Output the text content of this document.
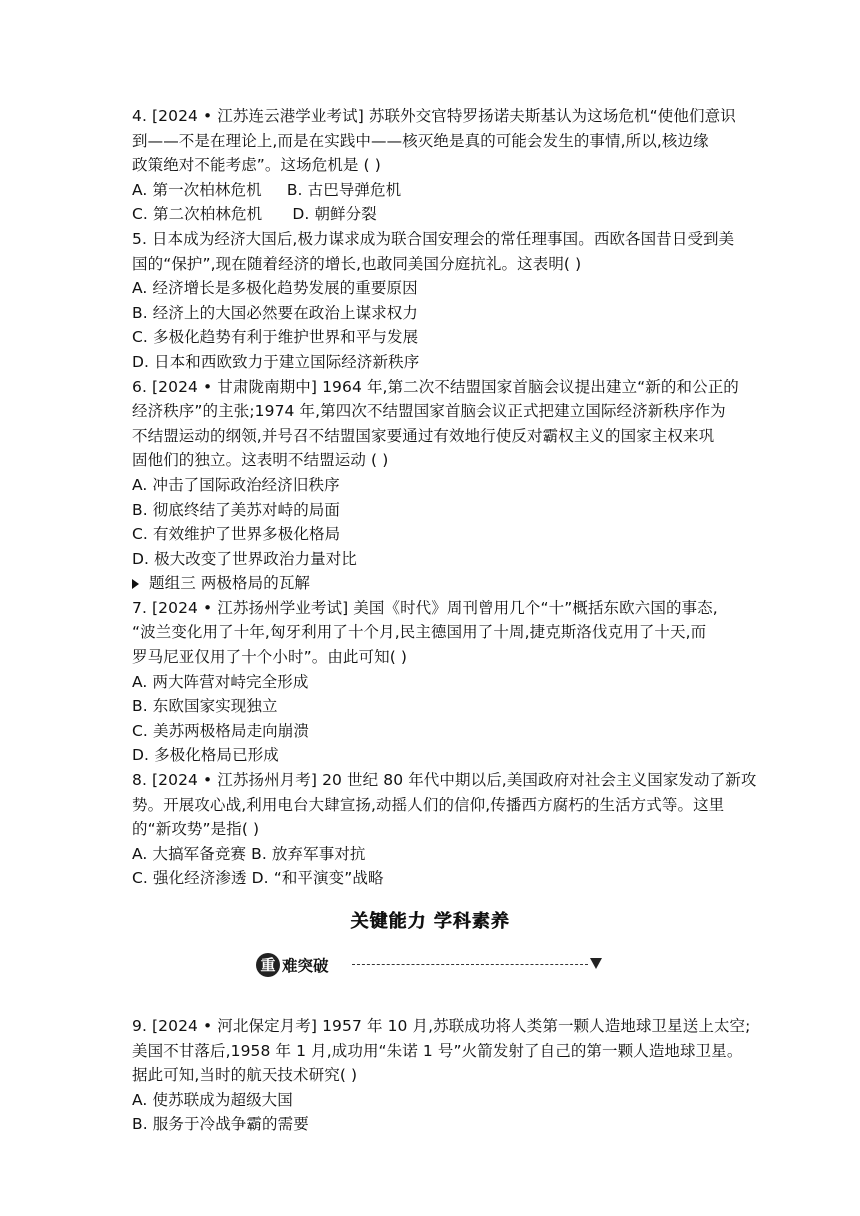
4. [2024 • 江苏连云港学业考试] 苏联外交官特罗扬诺夫斯基认为这场危机“使他们意识
到——不是在理论上,而是在实践中——核灭绝是真的可能会发生的事情,所以,核边缘
政策绝对不能考虑”。这场危机是 ( )
A. 第一次柏林危机 B. 古巴导弹危机
C. 第二次柏林危机 D. 朝鲜分裂
5. 日本成为经济大国后,极力谋求成为联合国安理会的常任理事国。西欧各国昔日受到美
国的“保护”,现在随着经济的增长,也敢同美国分庭抗礼。这表明( )
A. 经济增长是多极化趋势发展的重要原因
B. 经济上的大国必然要在政治上谋求权力
C. 多极化趋势有利于维护世界和平与发展
D. 日本和西欧致力于建立国际经济新秩序
6. [2024 • 甘肃陇南期中] 1964 年,第二次不结盟国家首脑会议提出建立“新的和公正的
经济秩序”的主张;1974 年,第四次不结盟国家首脑会议正式把建立国际经济新秩序作为
不结盟运动的纲领,并号召不结盟国家要通过有效地行使反对霸权主义的国家主权来巩
固他们的独立。这表明不结盟运动 ( )
A. 冲击了国际政治经济旧秩序
B. 彻底终结了美苏对峙的局面
C. 有效维护了世界多极化格局
D. 极大改变了世界政治力量对比
题组三 两极格局的瓦解
7. [2024 • 江苏扬州学业考试] 美国《时代》周刊曾用几个“十”概括东欧六国的事态,
“波兰变化用了十年,匈牙利用了十个月,民主德国用了十周,捷克斯洛伐克用了十天,而
罗马尼亚仅用了十个小时”。由此可知( )
A. 两大阵营对峙完全形成
B. 东欧国家实现独立
C. 美苏两极格局走向崩溃
D. 多极化格局已形成
8. [2024 • 江苏扬州月考] 20 世纪 80 年代中期以后,美国政府对社会主义国家发动了新攻
势。开展攻心战,利用电台大肆宣扬,动摇人们的信仰,传播西方腐朽的生活方式等。这里
的“新攻势”是指( )
A. 大搞军备竞赛 B. 放弃军事对抗
C. 强化经济渗透 D. “和平演变”战略
关键能力 学科素养
重 难突破
9. [2024 • 河北保定月考] 1957 年 10 月,苏联成功将人类第一颗人造地球卫星送上太空;
美国不甘落后,1958 年 1 月,成功用“朱诺 1 号”火箭发射了自己的第一颗人造地球卫星。
据此可知,当时的航天技术研究( )
A. 使苏联成为超级大国
B. 服务于冷战争霸的需要
